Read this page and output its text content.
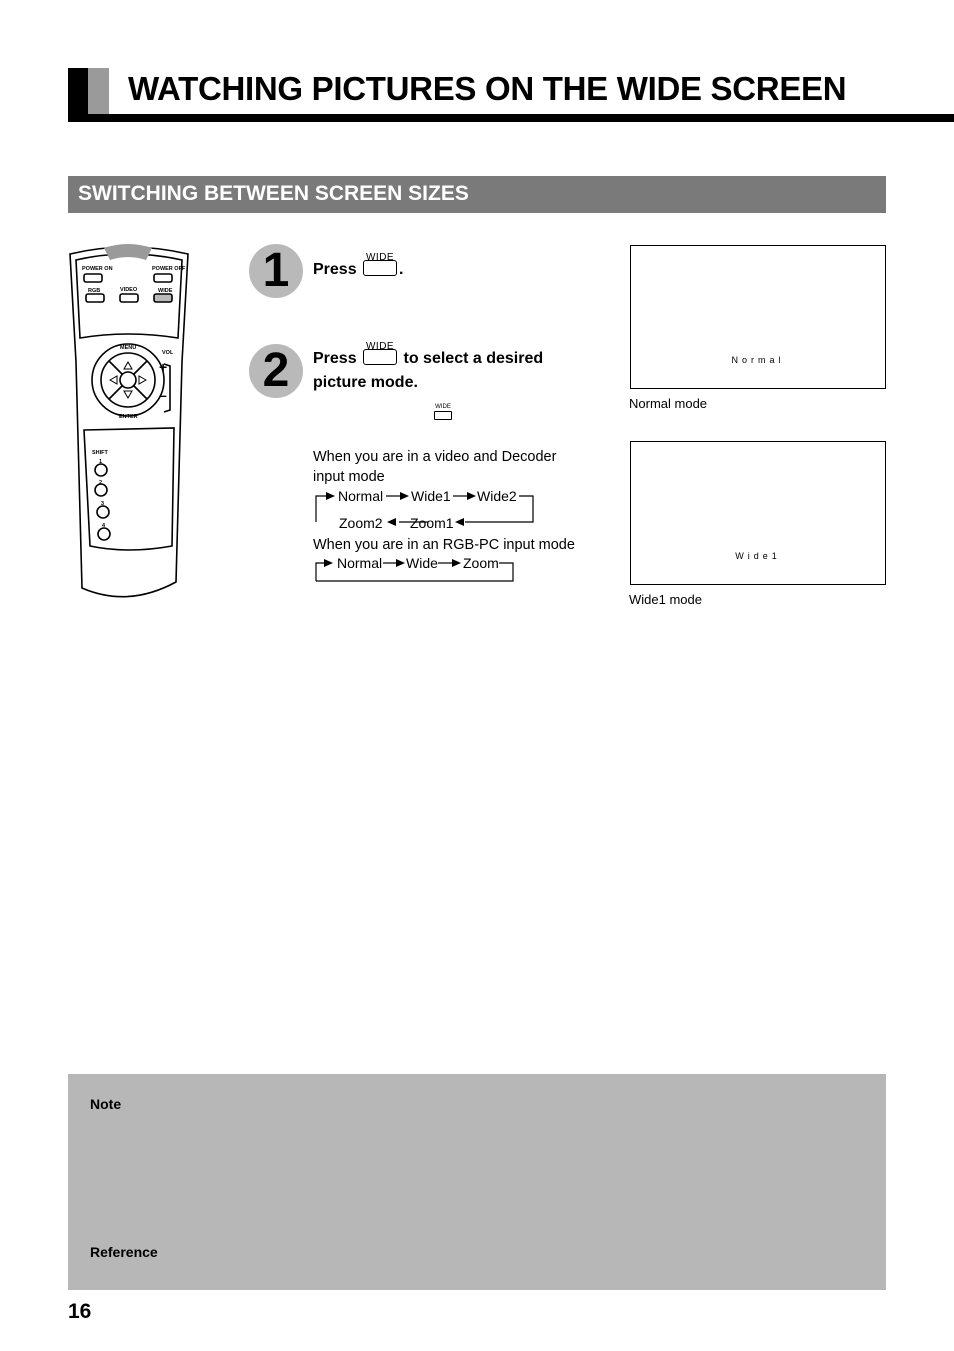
WATCHING PICTURES ON THE WIDE SCREEN
SWITCHING BETWEEN SCREEN SIZES
POWER ON	POWER OFF
RGB	VIDEO	WIDE
MENU
VOL
ENTER
SHIFT
1
2
3
4
+
–
1	Press
WIDE
.
2	Press
WIDE
to select a desired
picture mode.
WIDE
When you are in a video and Decoder
input mode
Normal Wide1 Wide2
Zoom1
Zoom2
When you are in an RGB-PC input mode
Normal Wide Zoom
Normal
Normal mode
Wide1
Wide1 mode
Note
Reference
16
